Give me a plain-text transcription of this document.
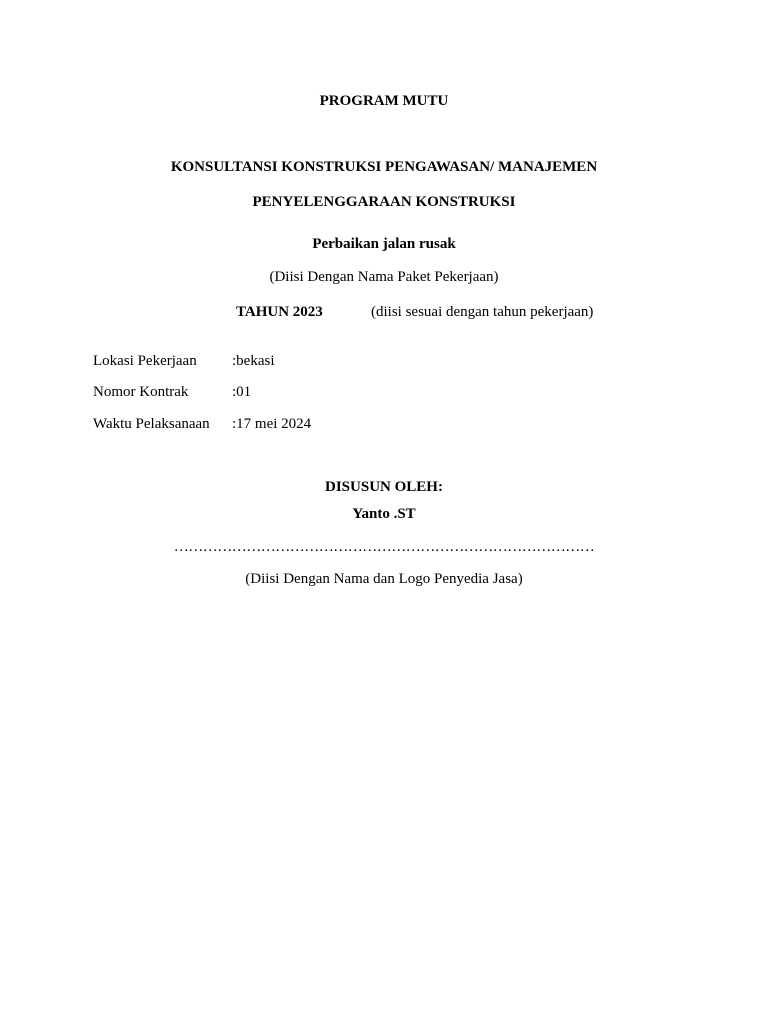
PROGRAM MUTU
KONSULTANSI KONSTRUKSI PENGAWASAN/ MANAJEMEN
PENYELENGGARAAN KONSTRUKSI
Perbaikan jalan rusak
(Diisi Dengan Nama Paket Pekerjaan)
TAHUN 2023	(diisi sesuai dengan tahun pekerjaan)
Lokasi Pekerjaan :bekasi
Nomor Kontrak	:01
Waktu Pelaksanaan :17 mei 2024
DISUSUN OLEH:
Yanto .ST
……………………………………………………………………………
(Diisi Dengan Nama dan Logo Penyedia Jasa)
